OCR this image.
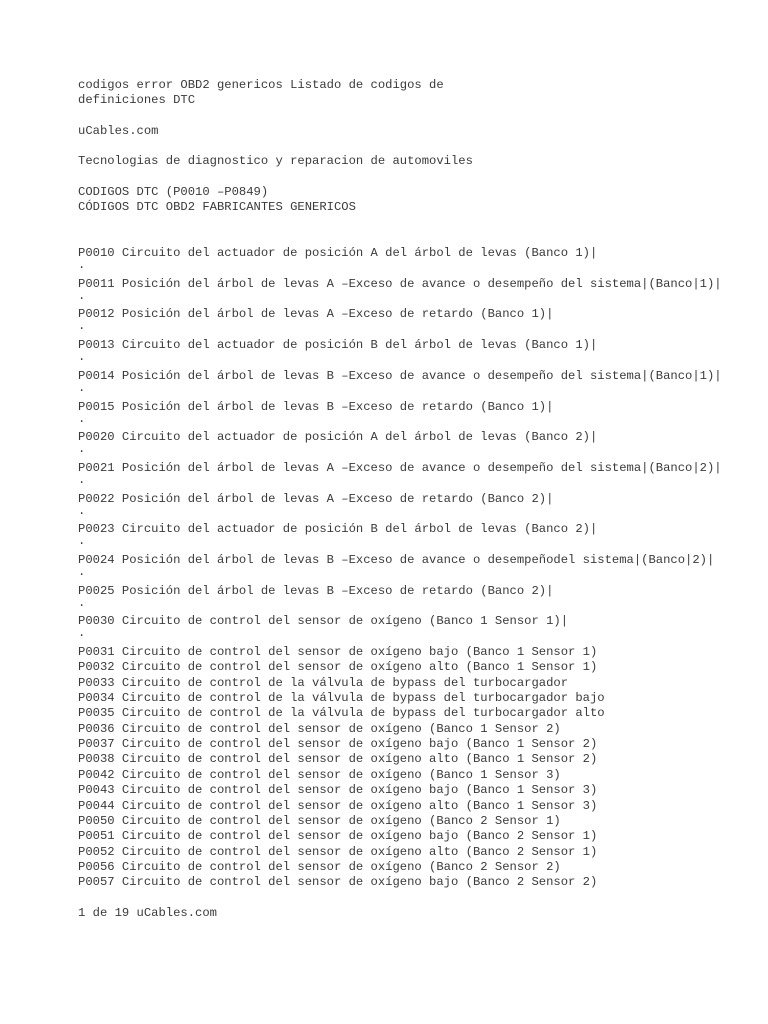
codigos error OBD2 genericos Listado de codigos de
definiciones DTC
uCables.com
Tecnologias de diagnostico y reparacion de automoviles
CODIGOS DTC (P0010 –P0849)
CÓDIGOS DTC OBD2 FABRICANTES GENERICOS
P0010 Circuito del actuador de posición A del árbol de levas (Banco 1)|
.
P0011 Posición del árbol de levas A –Exceso de avance o desempeño del sistema|(Banco|1)|
.
P0012 Posición del árbol de levas A –Exceso de retardo (Banco 1)|
.
P0013 Circuito del actuador de posición B del árbol de levas (Banco 1)|
.
P0014 Posición del árbol de levas B –Exceso de avance o desempeño del sistema|(Banco|1)|
.
P0015 Posición del árbol de levas B –Exceso de retardo (Banco 1)|
.
P0020 Circuito del actuador de posición A del árbol de levas (Banco 2)|
.
P0021 Posición del árbol de levas A –Exceso de avance o desempeño del sistema|(Banco|2)|
.
P0022 Posición del árbol de levas A –Exceso de retardo (Banco 2)|
.
P0023 Circuito del actuador de posición B del árbol de levas (Banco 2)|
.
P0024 Posición del árbol de levas B –Exceso de avance o desempeñodel sistema|(Banco|2)|
.
P0025 Posición del árbol de levas B –Exceso de retardo (Banco 2)|
.
P0030 Circuito de control del sensor de oxígeno (Banco 1 Sensor 1)|
.
P0031 Circuito de control del sensor de oxígeno bajo (Banco 1 Sensor 1)
P0032 Circuito de control del sensor de oxígeno alto (Banco 1 Sensor 1)
P0033 Circuito de control de la válvula de bypass del turbocargador
P0034 Circuito de control de la válvula de bypass del turbocargador bajo
P0035 Circuito de control de la válvula de bypass del turbocargador alto
P0036 Circuito de control del sensor de oxígeno (Banco 1 Sensor 2)
P0037 Circuito de control del sensor de oxígeno bajo (Banco 1 Sensor 2)
P0038 Circuito de control del sensor de oxígeno alto (Banco 1 Sensor 2)
P0042 Circuito de control del sensor de oxígeno (Banco 1 Sensor 3)
P0043 Circuito de control del sensor de oxígeno bajo (Banco 1 Sensor 3)
P0044 Circuito de control del sensor de oxígeno alto (Banco 1 Sensor 3)
P0050 Circuito de control del sensor de oxígeno (Banco 2 Sensor 1)
P0051 Circuito de control del sensor de oxígeno bajo (Banco 2 Sensor 1)
P0052 Circuito de control del sensor de oxígeno alto (Banco 2 Sensor 1)
P0056 Circuito de control del sensor de oxígeno (Banco 2 Sensor 2)
P0057 Circuito de control del sensor de oxígeno bajo (Banco 2 Sensor 2)
1 de 19 uCables.com
